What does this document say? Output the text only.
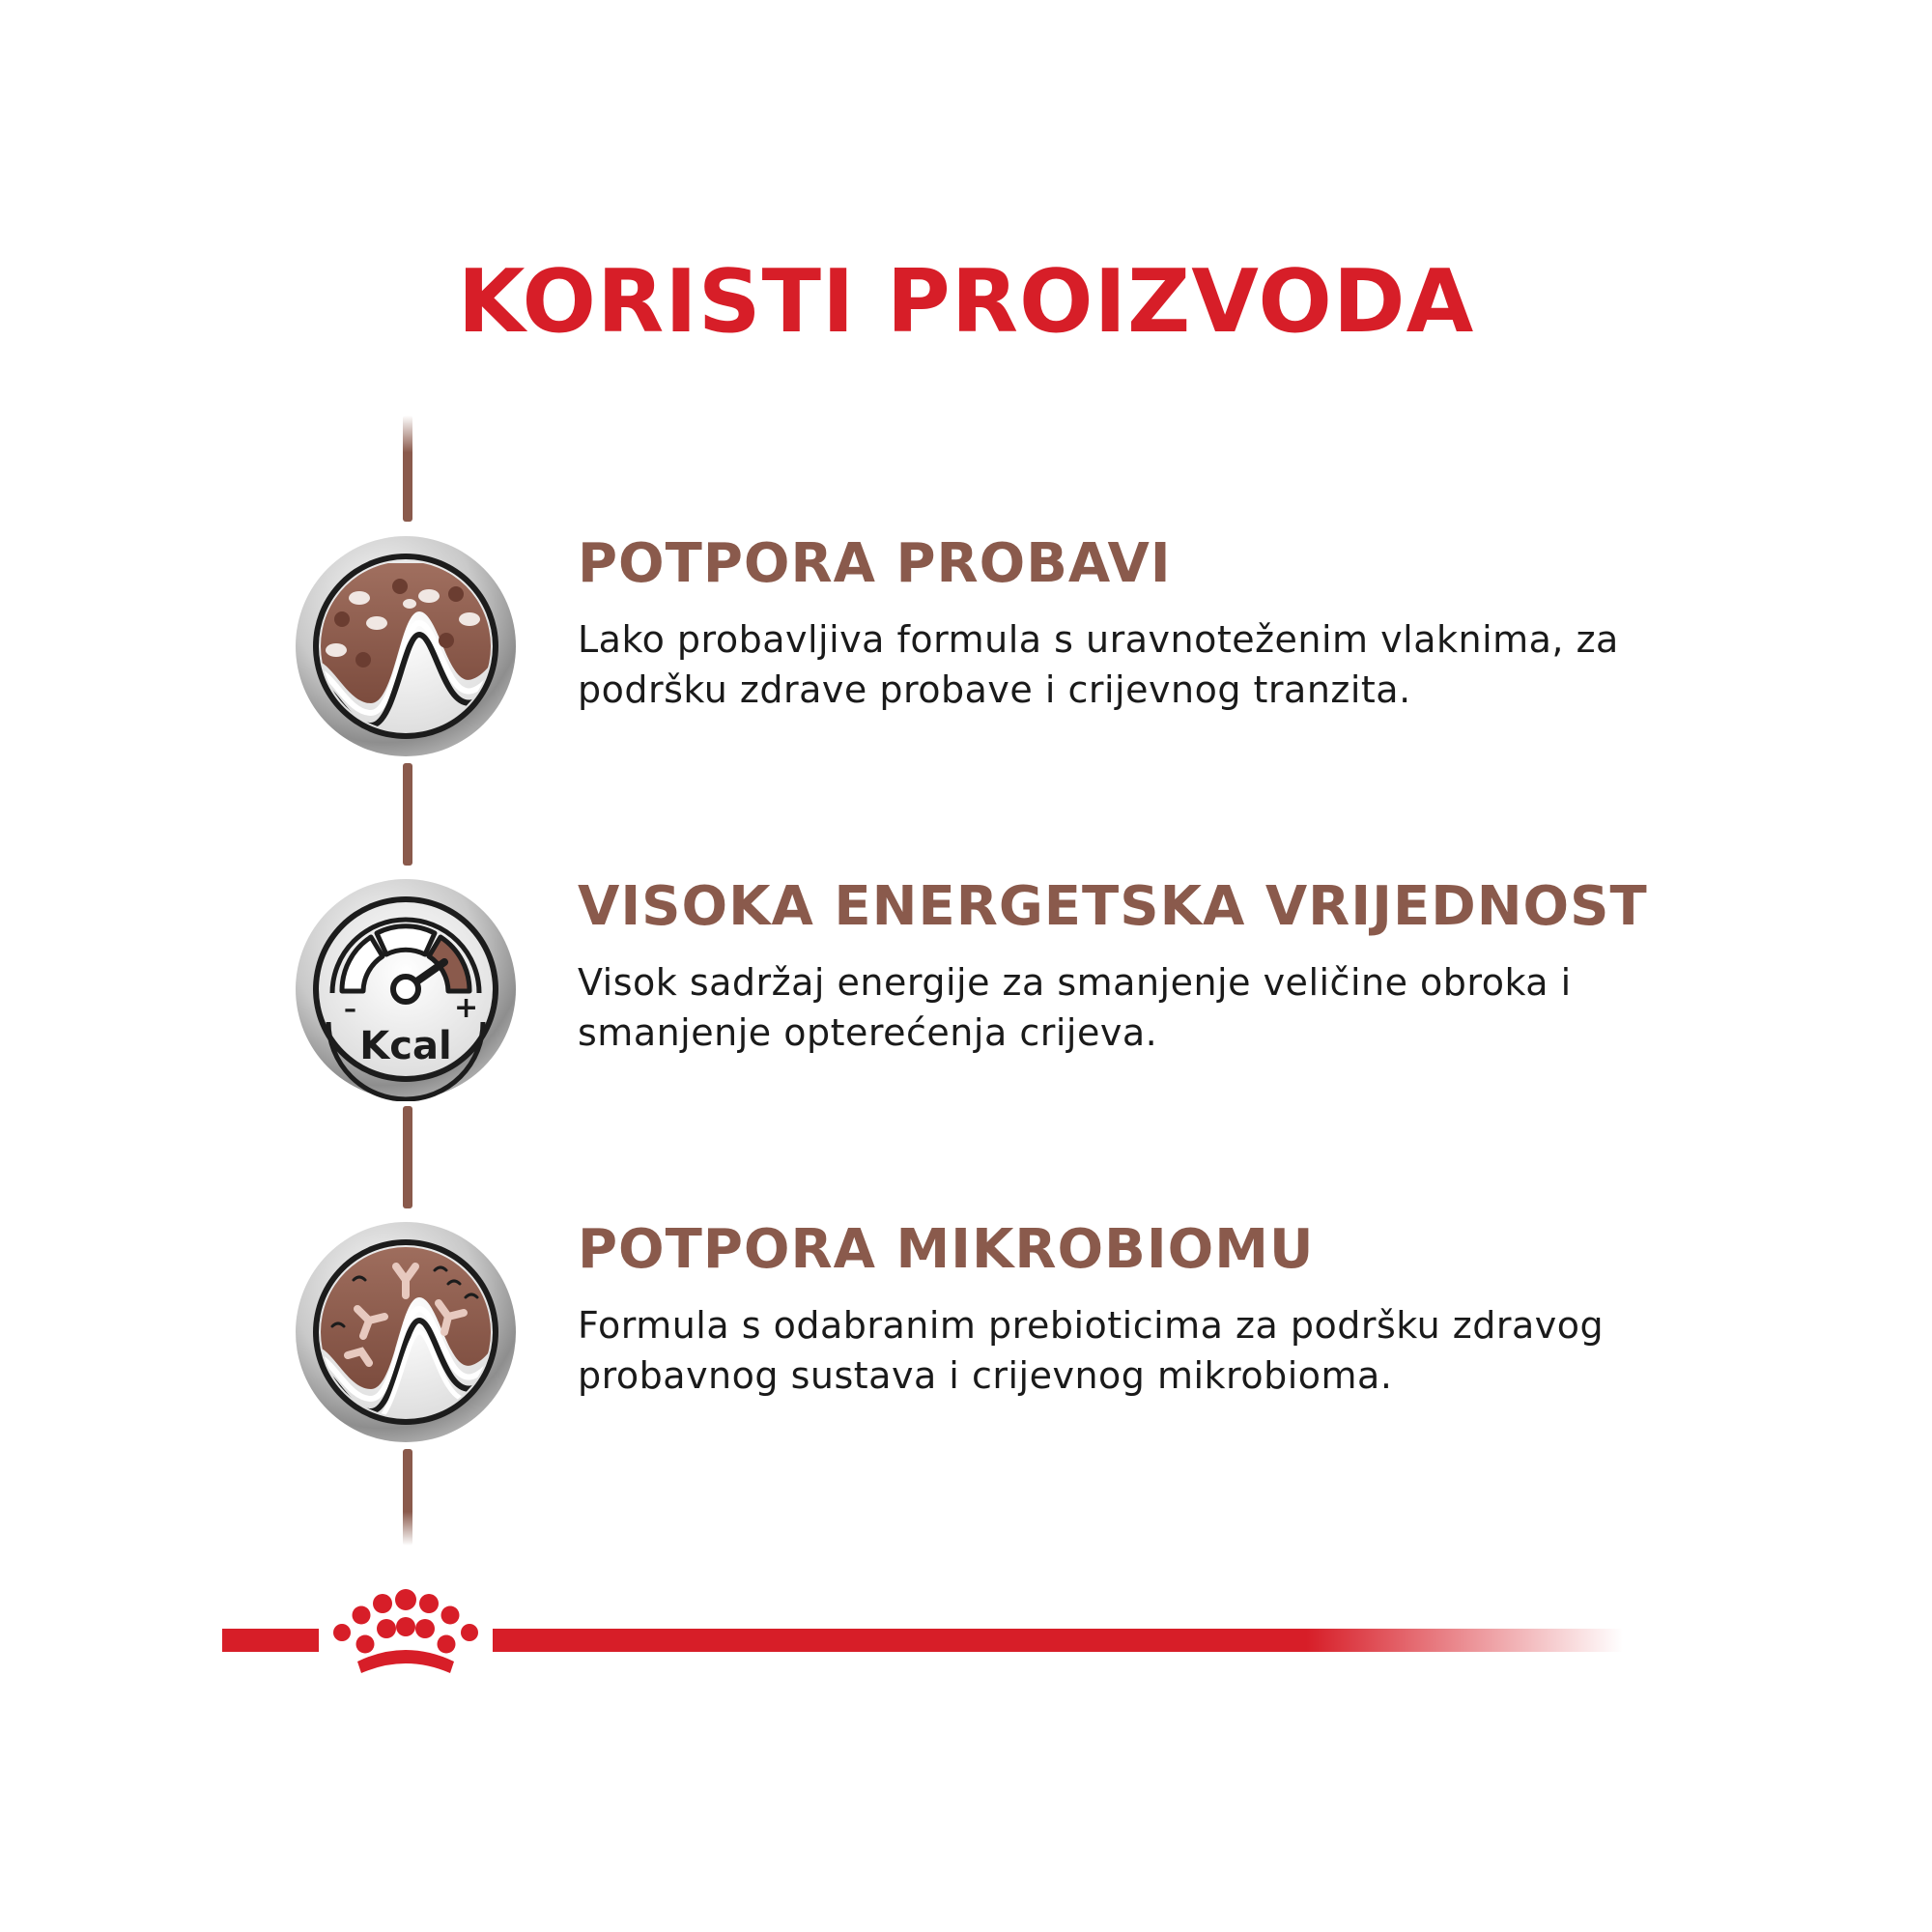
KORISTI PROIZVODA
POTPORA PROBAVI

Lako probavljiva formula s uravnoteženim vlaknima, za
podršku zdrave probave i crijevnog tranzita.

–	+
Kcal
VISOKA ENERGETSKA VRIJEDNOST

Visok sadržaj energije za smanjenje veličine obroka i
smanjenje opterećenja crijeva.

POTPORA MIKROBIOMU

Formula s odabranim prebioticima za podršku zdravog
probavnog sustava i crijevnog mikrobioma.
